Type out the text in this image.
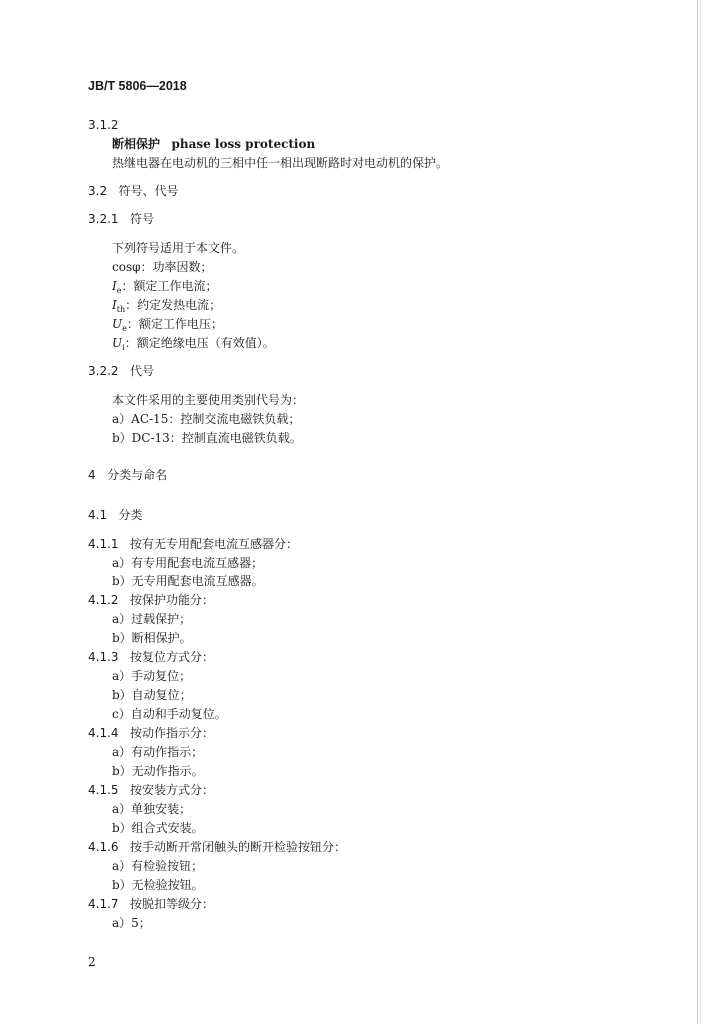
JB/T 5806—2018
3.1.2
断相保护 phase loss protection
热继电器在电动机的三相中任一相出现断路时对电动机的保护。
3.2 符号、代号
3.2.1 符号
下列符号适用于本文件。
cosφ：功率因数；
$I_e$：额定工作电流；
$I_{th}$：约定发热电流；
$U_e$：额定工作电压；
$U_i$：额定绝缘电压（有效值）。
3.2.2 代号
本文件采用的主要使用类别代号为：
a）AC-15：控制交流电磁铁负载；
b）DC-13：控制直流电磁铁负载。
4 分类与命名
4.1 分类
4.1.1 按有无专用配套电流互感器分：
a）有专用配套电流互感器；
b）无专用配套电流互感器。
4.1.2 按保护功能分：
a）过载保护；
b）断相保护。
4.1.3 按复位方式分：
a）手动复位；
b）自动复位；
c）自动和手动复位。
4.1.4 按动作指示分：
a）有动作指示；
b）无动作指示。
4.1.5 按安装方式分：
a）单独安装；
b）组合式安装。
4.1.6 按手动断开常闭触头的断开检验按钮分：
a）有检验按钮；
b）无检验按钮。
4.1.7 按脱扣等级分：
a）5；
2
